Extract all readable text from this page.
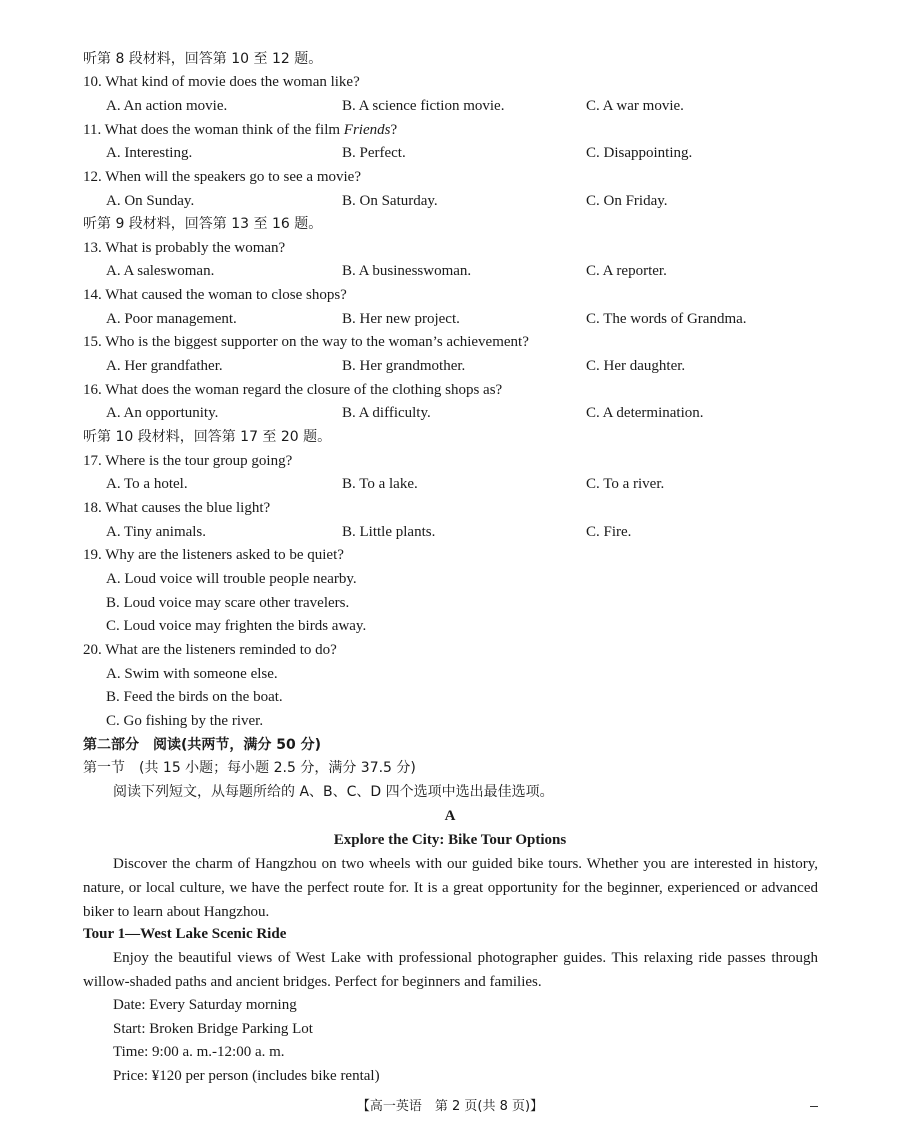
听第 8 段材料，回答第 10 至 12 题。
10. What kind of movie does the woman like?
A. An action movie.	B. A science fiction movie.	C. A war movie.
11. What does the woman think of the film Friends?
A. Interesting.	B. Perfect.	C. Disappointing.
12. When will the speakers go to see a movie?
A. On Sunday.	B. On Saturday.	C. On Friday.
听第 9 段材料，回答第 13 至 16 题。
13. What is probably the woman?
A. A saleswoman.	B. A businesswoman.	C. A reporter.
14. What caused the woman to close shops?
A. Poor management.	B. Her new project.	C. The words of Grandma.
15. Who is the biggest supporter on the way to the woman’s achievement?
A. Her grandfather.	B. Her grandmother.	C. Her daughter.
16. What does the woman regard the closure of the clothing shops as?
A. An opportunity.	B. A difficulty.	C. A determination.
听第 10 段材料，回答第 17 至 20 题。
17. Where is the tour group going?
A. To a hotel.	B. To a lake.	C. To a river.
18. What causes the blue light?
A. Tiny animals.	B. Little plants.	C. Fire.
19. Why are the listeners asked to be quiet?
A. Loud voice will trouble people nearby.
B. Loud voice may scare other travelers.
C. Loud voice may frighten the birds away.
20. What are the listeners reminded to do?
A. Swim with someone else.
B. Feed the birds on the boat.
C. Go fishing by the river.
第二部分　阅读(共两节，满分 50 分)
第一节　(共 15 小题；每小题 2.5 分，满分 37.5 分)
阅读下列短文，从每题所给的 A、B、C、D 四个选项中选出最佳选项。
A
Explore the City: Bike Tour Options
Discover the charm of Hangzhou on two wheels with our guided bike tours. Whether you are interested in history, nature, or local culture, we have the perfect route for. It is a great opportunity for the beginner, experienced or advanced biker to learn about Hangzhou.
Tour 1—West Lake Scenic Ride
Enjoy the beautiful views of West Lake with professional photographer guides. This relaxing ride passes through willow-shaded paths and ancient bridges. Perfect for beginners and families.
Date: Every Saturday morning
Start: Broken Bridge Parking Lot
Time: 9:00 a. m.-12:00 a. m.
Price: ¥120 per person (includes bike rental)
【高一英语　第 2 页(共 8 页)】
